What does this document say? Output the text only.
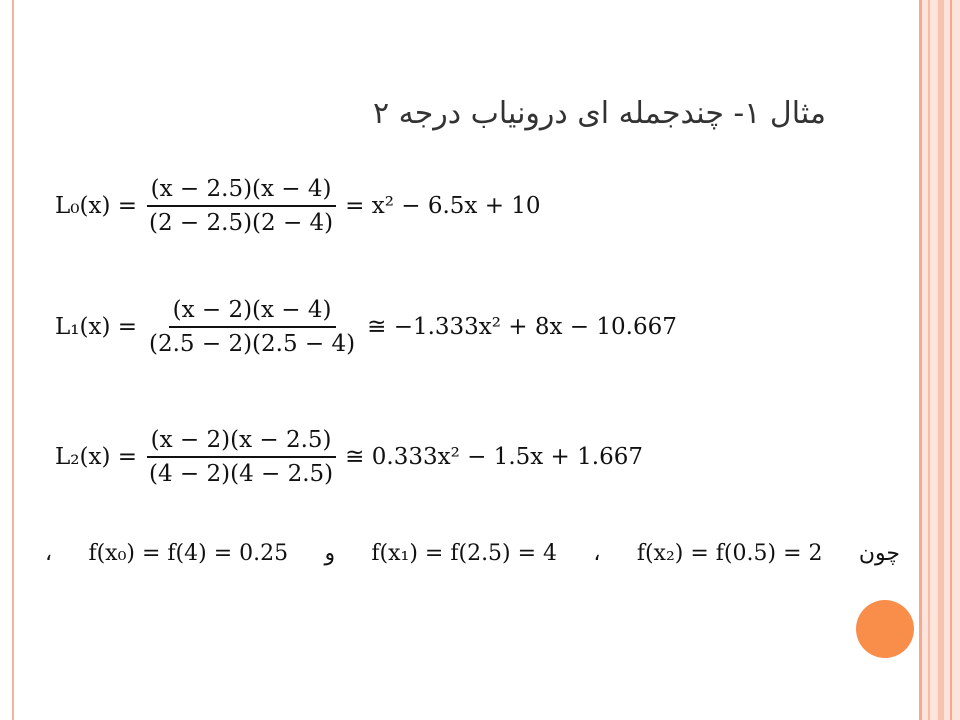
مثال ۱- چندجمله ای درونیاب درجه ۲
$L_0(x) = \frac{(x - 2.5)(x - 4)}{(2 - 2.5)(2 - 4)} = x^2 - 6.5x + 10$
$L_1(x) = \frac{(x - 2)(x - 4)}{(2.5 - 2)(2.5 - 4)}$ ≅ −1.333x² + 8x − 10.667
$L_2(x) = \frac{(x - 2)(x - 2.5)}{(4 - 2)(4 - 2.5)}$ ≅ 0.333x² − 1.5x + 1.667
، f(x₀) = f(4) = 0.25 و f(x₁) = f(2.5) = 4 ، f(x₂) = f(0.5) = 2 چون
